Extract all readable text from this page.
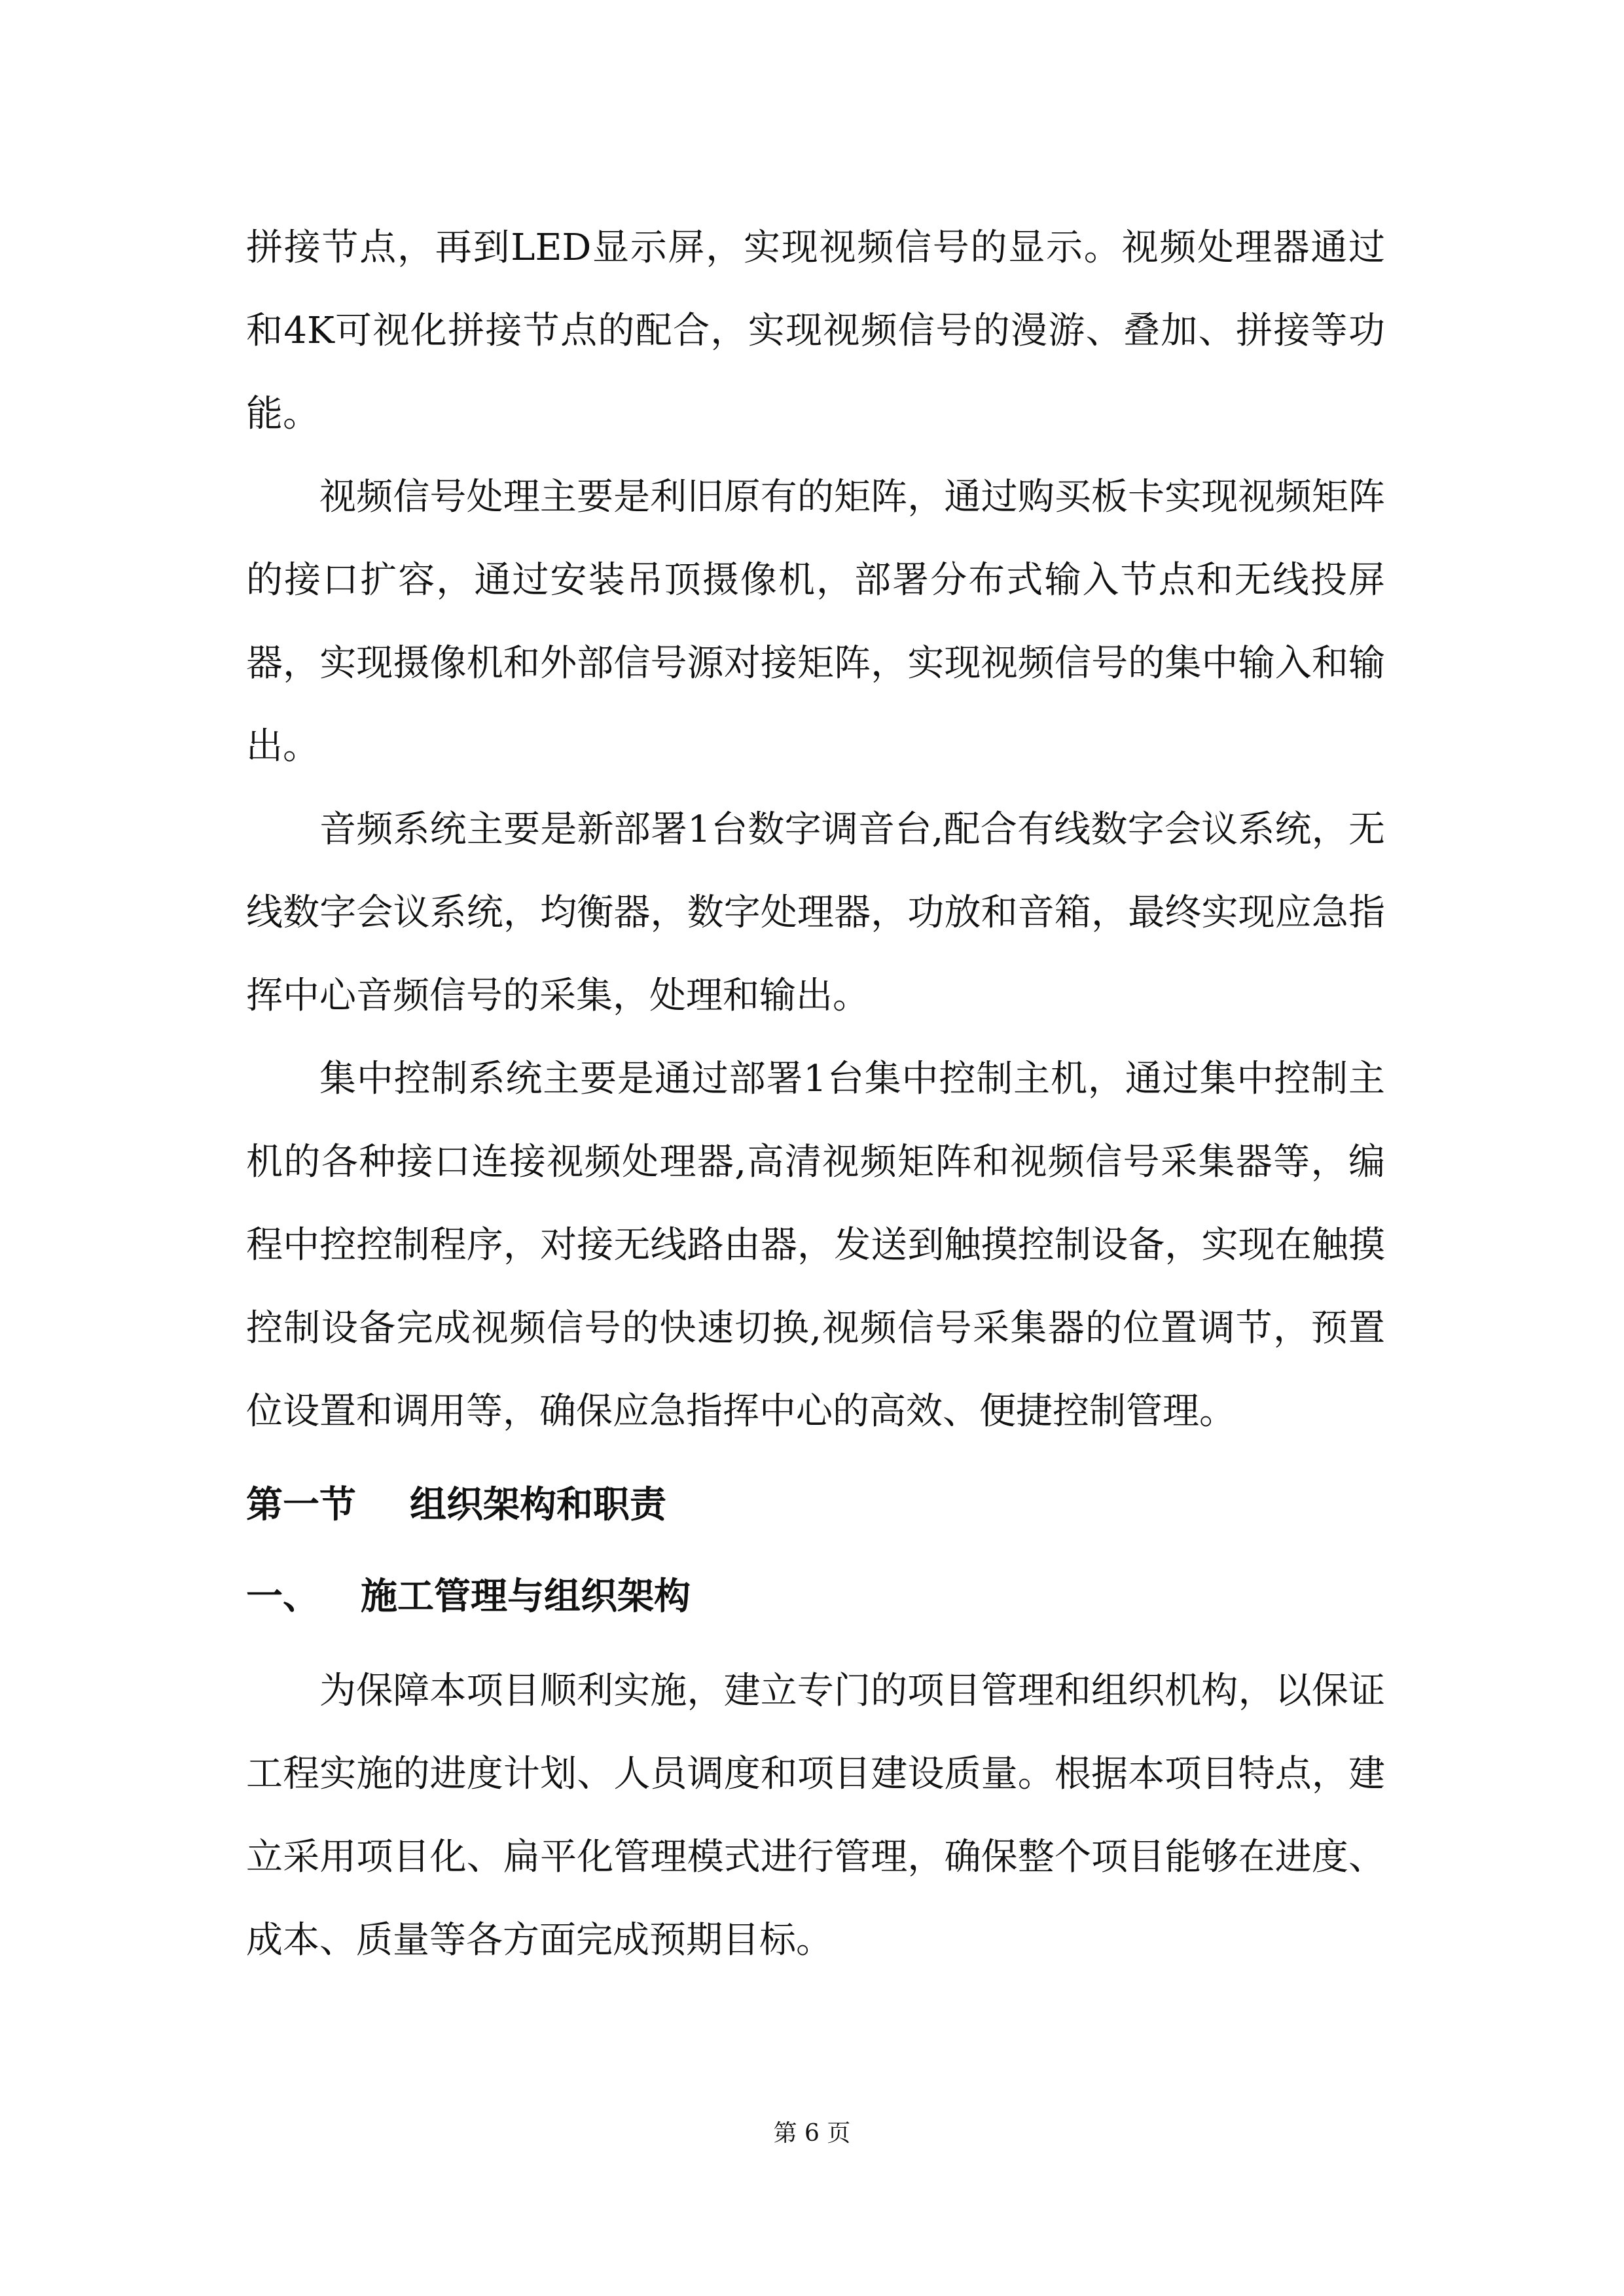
拼接节点，再到LED显示屏，实现视频信号的显示。视频处理器通过和4K可视化拼接节点的配合，实现视频信号的漫游、叠加、拼接等功能。

视频信号处理主要是利旧原有的矩阵，通过购买板卡实现视频矩阵的接口扩容，通过安装吊顶摄像机，部署分布式输入节点和无线投屏器，实现摄像机和外部信号源对接矩阵，实现视频信号的集中输入和输出。

音频系统主要是新部署1台数字调音台,配合有线数字会议系统，无线数字会议系统，均衡器，数字处理器，功放和音箱，最终实现应急指挥中心音频信号的采集，处理和输出。

集中控制系统主要是通过部署1台集中控制主机，通过集中控制主机的各种接口连接视频处理器,高清视频矩阵和视频信号采集器等，编程中控控制程序，对接无线路由器，发送到触摸控制设备，实现在触摸控制设备完成视频信号的快速切换,视频信号采集器的位置调节，预置位设置和调用等，确保应急指挥中心的高效、便捷控制管理。

第一节	组织架构和职责
一、	施工管理与组织架构

为保障本项目顺利实施，建立专门的项目管理和组织机构，以保证工程实施的进度计划、人员调度和项目建设质量。根据本项目特点，建立采用项目化、扁平化管理模式进行管理，确保整个项目能够在进度、成本、质量等各方面完成预期目标。

第 6 页
